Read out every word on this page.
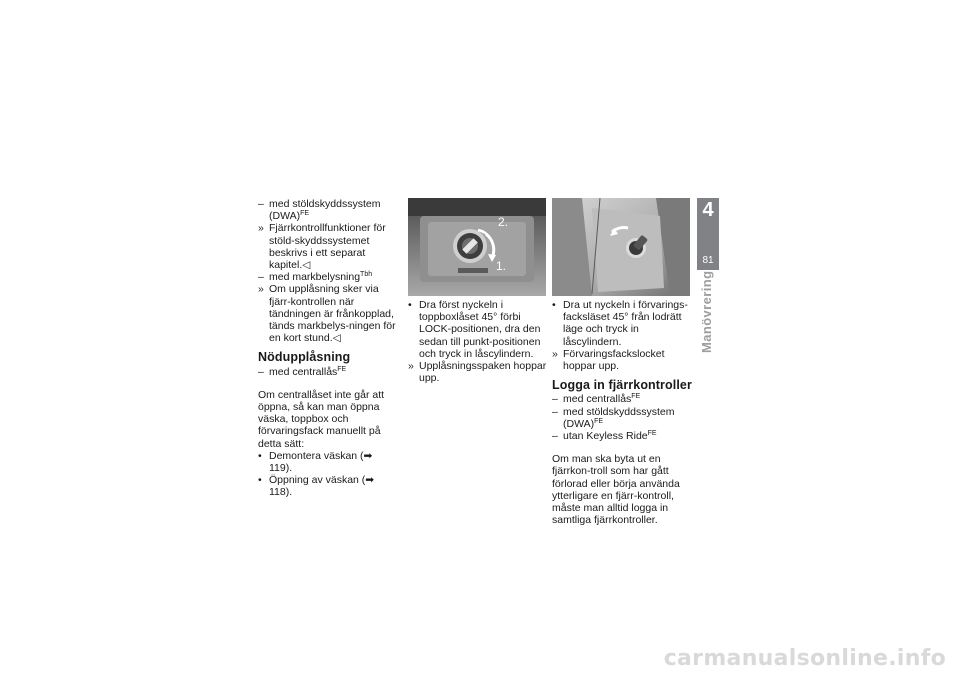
– med stöldskyddssystem (DWA)$^{FE}$
» Fjärrkontrollfunktioner för stöld-skyddssystemet beskrivs i ett separat kapitel.◁
– med markbelysning$^{Tbh}$
» Om upplåsning sker via fjärr-kontrollen när tändningen är frånkopplad, tänds markbelys-ningen för en kort stund.◁
Nödupplåsning
– med centrallås$^{FE}$

Om centrallåset inte går att öppna, så kan man öppna väska, toppbox och förvaringsfack manuellt på detta sätt:

• Demontera väskan (➡ 119).
• Öppning av väskan (➡ 118).
2.
1.
• Dra först nyckeln i toppboxlåset 45° förbi LOCK-positionen, dra den sedan till punkt-positionen och tryck in låscylindern.
» Upplåsningsspaken hoppar upp.
• Dra ut nyckeln i förvarings-facksläset 45° från lodrätt läge och tryck in låscylindern.
» Förvaringsfackslocket hoppar upp.
Logga in fjärrkontroller
– med centrallås$^{FE}$
– med stöldskyddssystem (DWA)$^{FE}$
– utan Keyless Ride$^{FE}$

Om man ska byta ut en fjärrkon-troll som har gått förlorad eller börja använda ytterligare en fjärr-kontroll, måste man alltid logga in samtliga fjärrkontroller.

4
81
Manövrering
carmanualsonline.info
